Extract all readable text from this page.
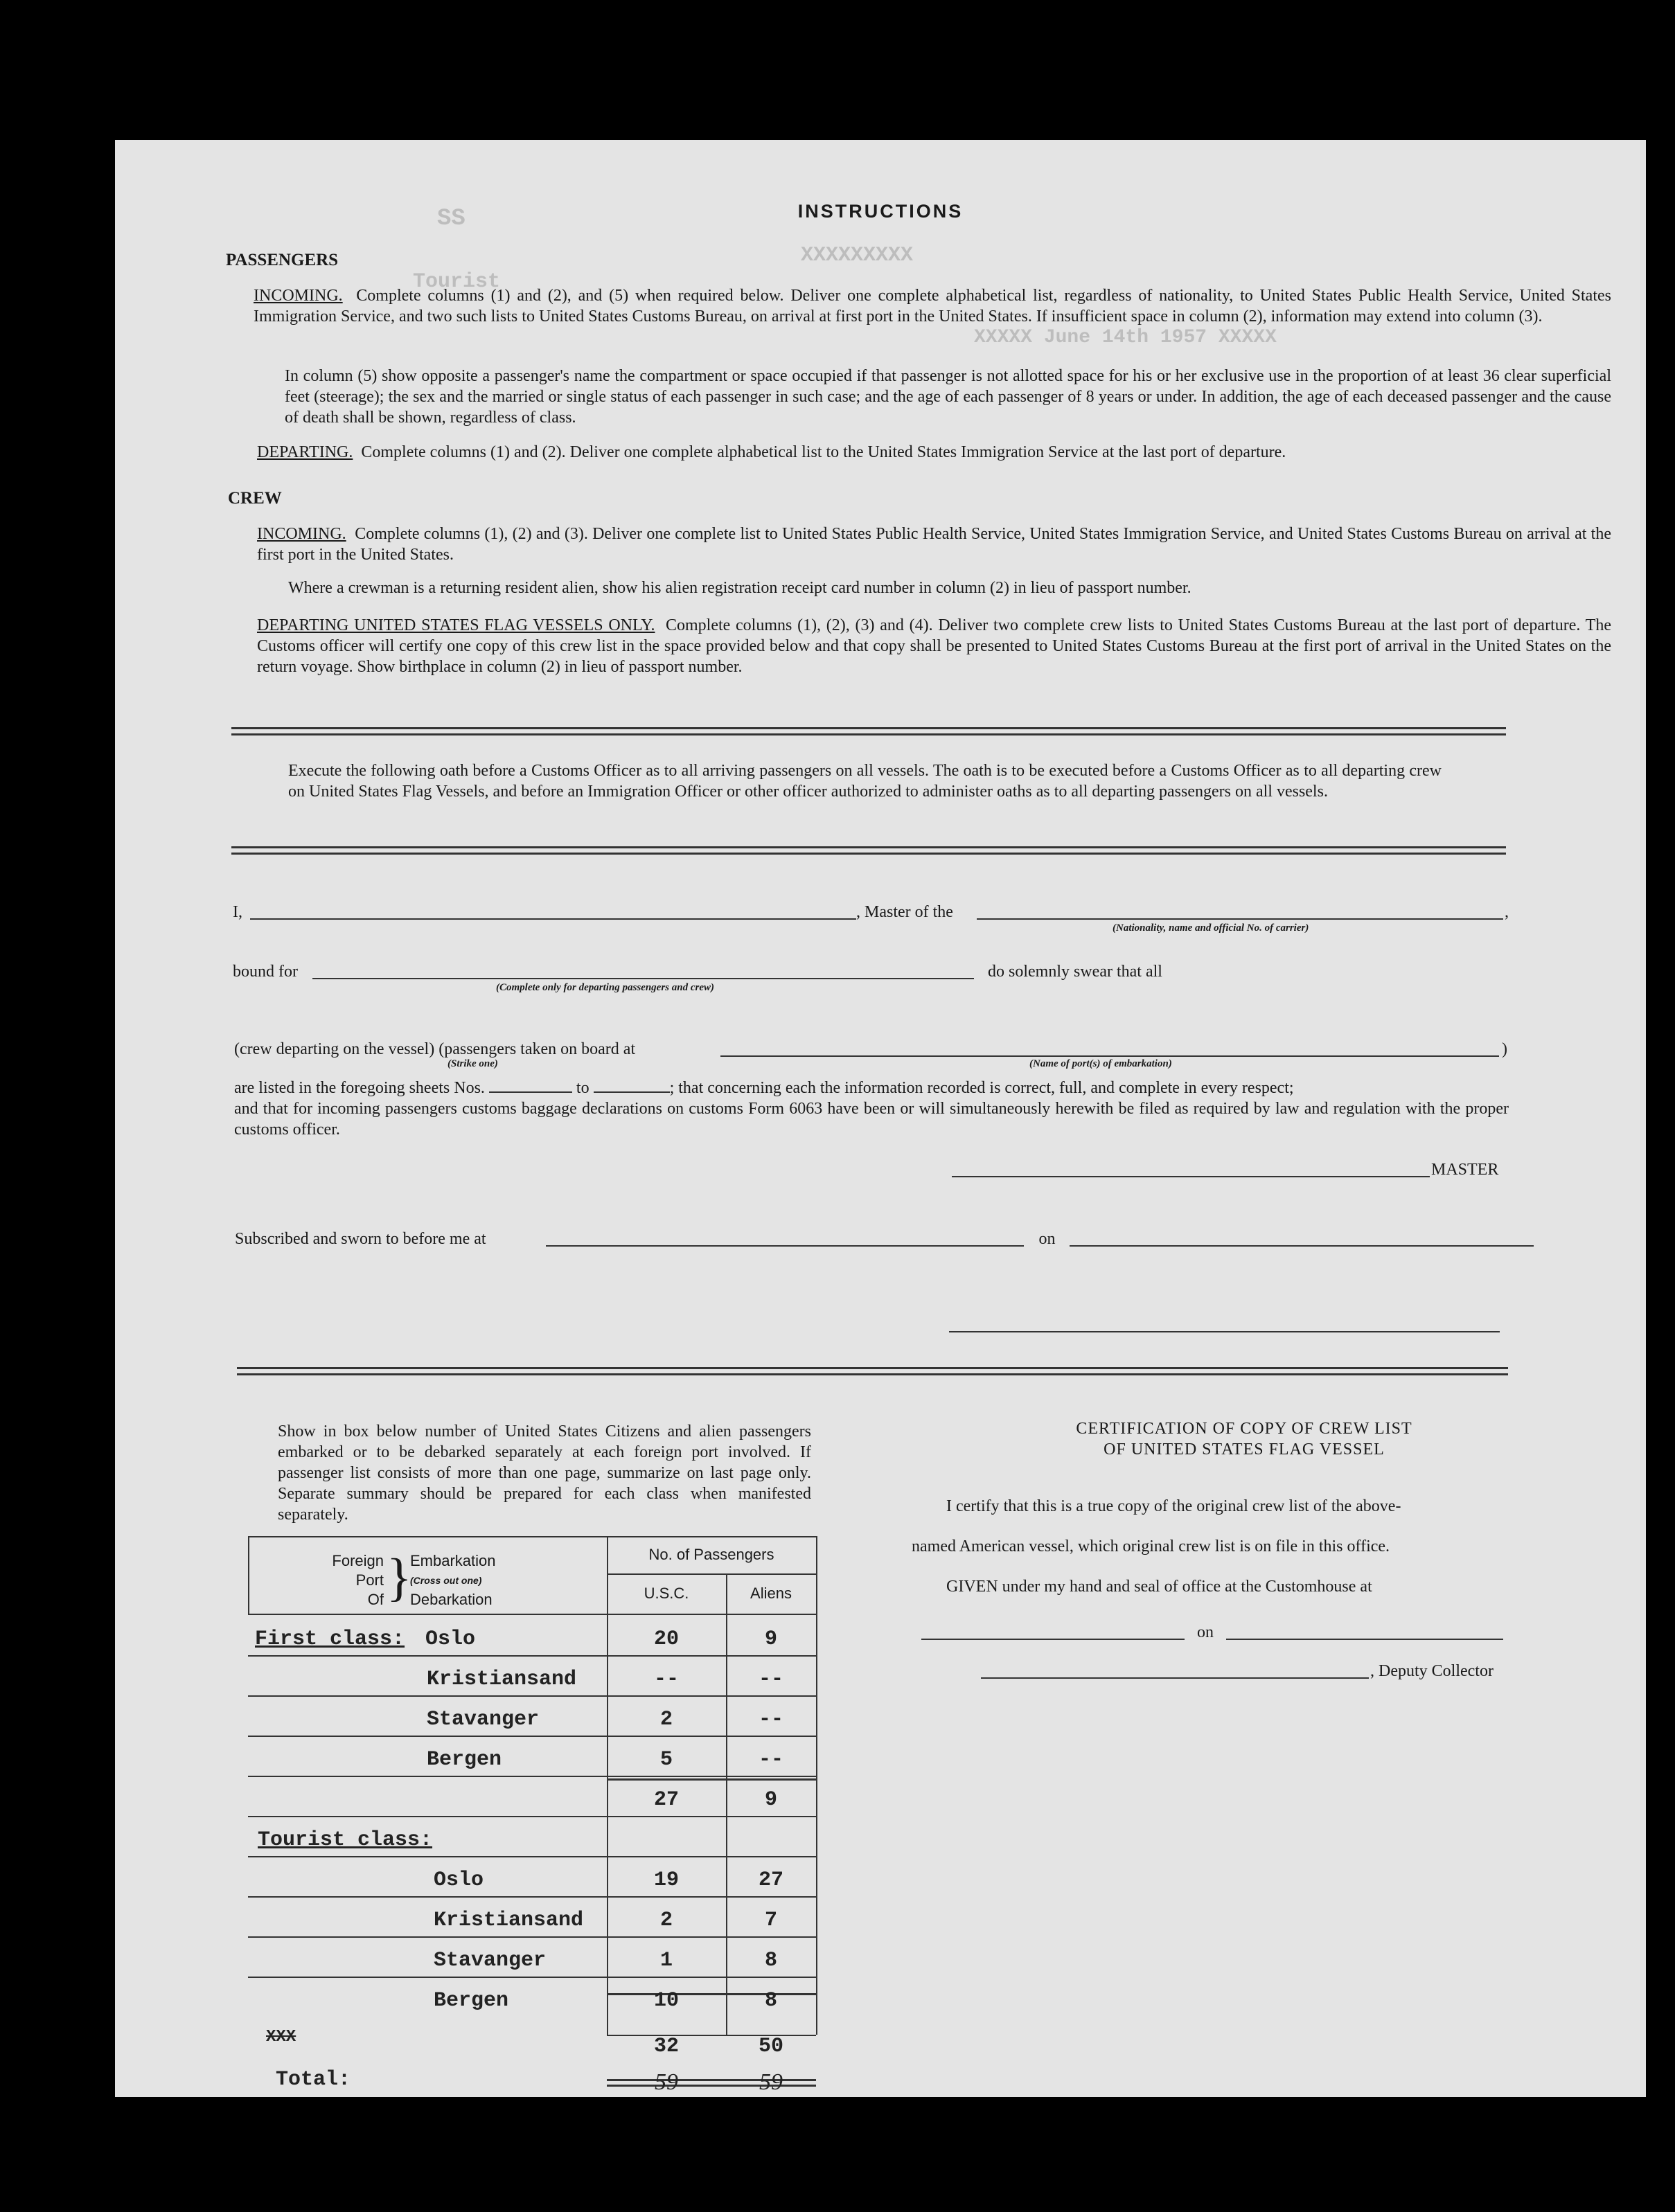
SS
XXXXXXXXX
Tourist
XXXXX June 14th 1957 XXXXX
INSTRUCTIONS
PASSENGERS
INCOMING. Complete columns (1) and (2), and (5) when required below. Deliver one complete alphabetical list, regardless of nationality, to United States Public Health Service, United States Immigration Service, and two such lists to United States Customs Bureau, on arrival at first port in the United States. If insufficient space in column (2), information may extend into column (3).
In column (5) show opposite a passenger's name the compartment or space occupied if that passenger is not allotted space for his or her exclusive use in the proportion of at least 36 clear superficial feet (steerage); the sex and the married or single status of each passenger in such case; and the age of each passenger of 8 years or under. In addition, the age of each deceased passenger and the cause of death shall be shown, regardless of class.
DEPARTING. Complete columns (1) and (2). Deliver one complete alphabetical list to the United States Immigration Service at the last port of departure.
CREW
INCOMING. Complete columns (1), (2) and (3). Deliver one complete list to United States Public Health Service, United States Immigration Service, and United States Customs Bureau on arrival at the first port in the United States.
Where a crewman is a returning resident alien, show his alien registration receipt card number in column (2) in lieu of passport number.
DEPARTING UNITED STATES FLAG VESSELS ONLY. Complete columns (1), (2), (3) and (4). Deliver two complete crew lists to United States Customs Bureau at the last port of departure. The Customs officer will certify one copy of this crew list in the space provided below and that copy shall be presented to United States Customs Bureau at the first port of arrival in the United States on the return voyage. Show birthplace in column (2) in lieu of passport number.
Execute the following oath before a Customs Officer as to all arriving passengers on all vessels. The oath is to be executed before a Customs Officer as to all departing crew on United States Flag Vessels, and before an Immigration Officer or other officer authorized to administer oaths as to all departing passengers on all vessels.
I,	, Master of the	,
(Nationality, name and official No. of carrier)
bound for
(Complete only for departing passengers and crew)
do solemnly swear that all
(crew departing on the vessel) (passengers taken on board at	)
(Strike one)	(Name of port(s) of embarkation)
are listed in the foregoing sheets Nos.	to	; that concerning each the information recorded is correct, full, and complete in every respect;
and that for incoming passengers customs baggage declarations on customs Form 6063 have been or will simultaneously herewith be filed as required by law and regulation with the proper customs officer.
MASTER
Subscribed and sworn to before me at	on
Show in box below number of United States Citizens and alien passengers embarked or to be debarked separately at each foreign port involved. If passenger list consists of more than one page, summarize on last page only. Separate summary should be prepared for each class when manifested separately.
Foreign
Port
Of }
Embarkation
(Cross out one)
Debarkation
No. of Passengers
U.S.C.	Aliens
First class: Oslo	20	9
Kristiansand	--	--
Stavanger	2	--
Bergen	5	--
27	9
Tourist class:
Oslo	19	27
Kristiansand	2	7
Stavanger	1	8
Bergen	10	8
XXX	32	50
Total:	59	59
CERTIFICATION OF COPY OF CREW LIST
OF UNITED STATES FLAG VESSEL
I certify that this is a true copy of the original crew list of the above-
named American vessel, which original crew list is on file in this office.
GIVEN under my hand and seal of office at the Customhouse at
on
, Deputy Collector
